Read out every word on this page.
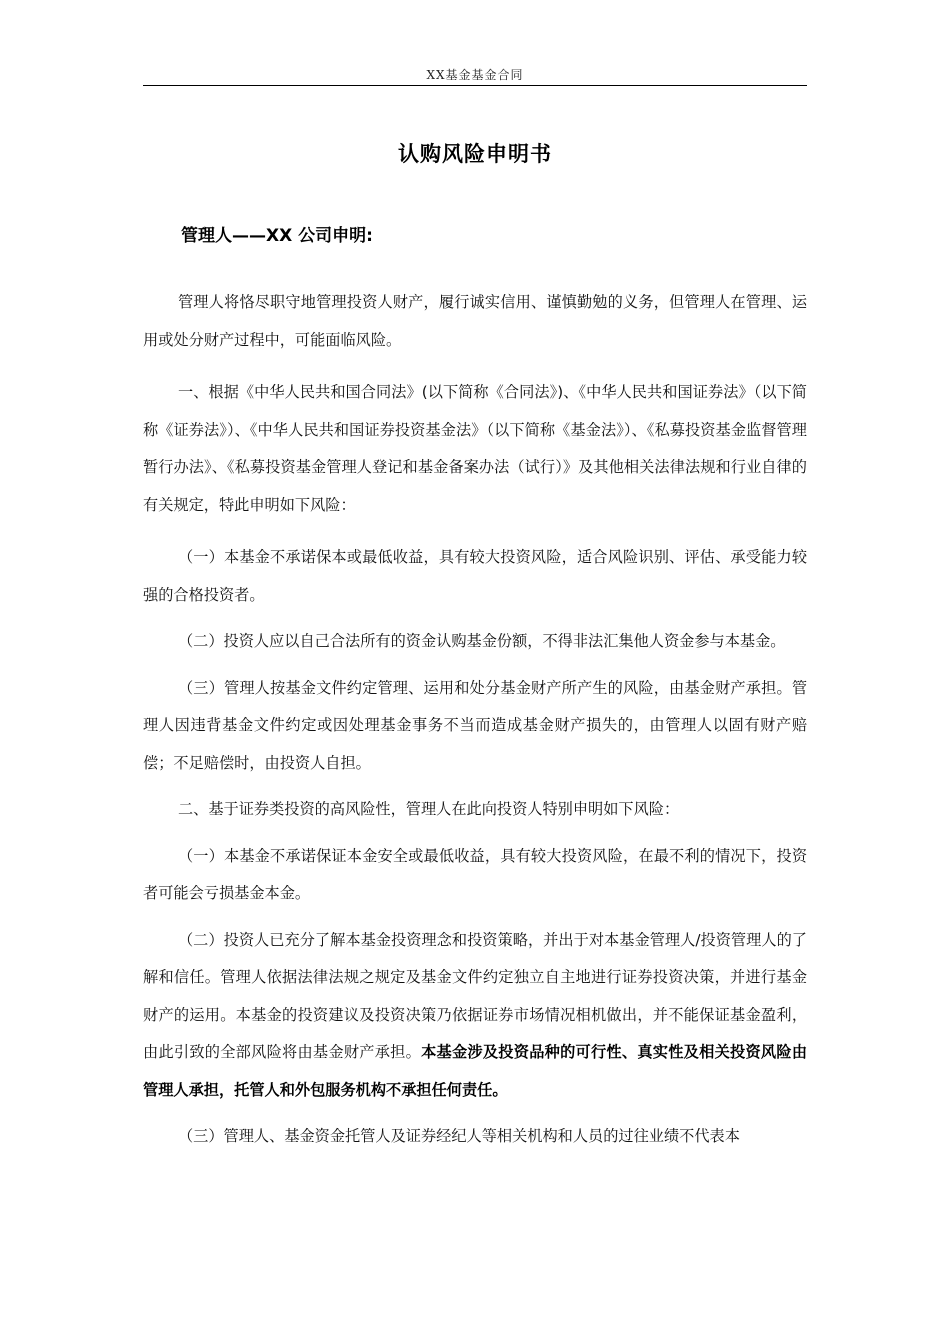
XX基金基金合同
认购风险申明书
管理人——XX 公司申明:

管理人将恪尽职守地管理投资人财产，履行诚实信用、谨慎勤勉的义务，但管理人在管理、运用或处分财产过程中，可能面临风险。

一、根据《中华人民共和国合同法》(以下简称《合同法》)、《中华人民共和国证券法》（以下简称《证券法》）、《中华人民共和国证券投资基金法》（以下简称《基金法》）、《私募投资基金监督管理暂行办法》、《私募投资基金管理人登记和基金备案办法（试行）》及其他相关法律法规和行业自律的有关规定，特此申明如下风险：

（一）本基金不承诺保本或最低收益，具有较大投资风险，适合风险识别、评估、承受能力较强的合格投资者。

（二）投资人应以自己合法所有的资金认购基金份额，不得非法汇集他人资金参与本基金。

（三）管理人按基金文件约定管理、运用和处分基金财产所产生的风险，由基金财产承担。管理人因违背基金文件约定或因处理基金事务不当而造成基金财产损失的，由管理人以固有财产赔偿；不足赔偿时，由投资人自担。

二、基于证券类投资的高风险性，管理人在此向投资人特别申明如下风险：

（一）本基金不承诺保证本金安全或最低收益，具有较大投资风险，在最不利的情况下，投资者可能会亏损基金本金。

（二）投资人已充分了解本基金投资理念和投资策略，并出于对本基金管理人/投资管理人的了解和信任。管理人依据法律法规之规定及基金文件约定独立自主地进行证券投资决策，并进行基金财产的运用。本基金的投资建议及投资决策乃依据证券市场情况相机做出，并不能保证基金盈利，由此引致的全部风险将由基金财产承担。本基金涉及投资品种的可行性、真实性及相关投资风险由管理人承担，托管人和外包服务机构不承担任何责任。

（三）管理人、基金资金托管人及证券经纪人等相关机构和人员的过往业绩不代表本
